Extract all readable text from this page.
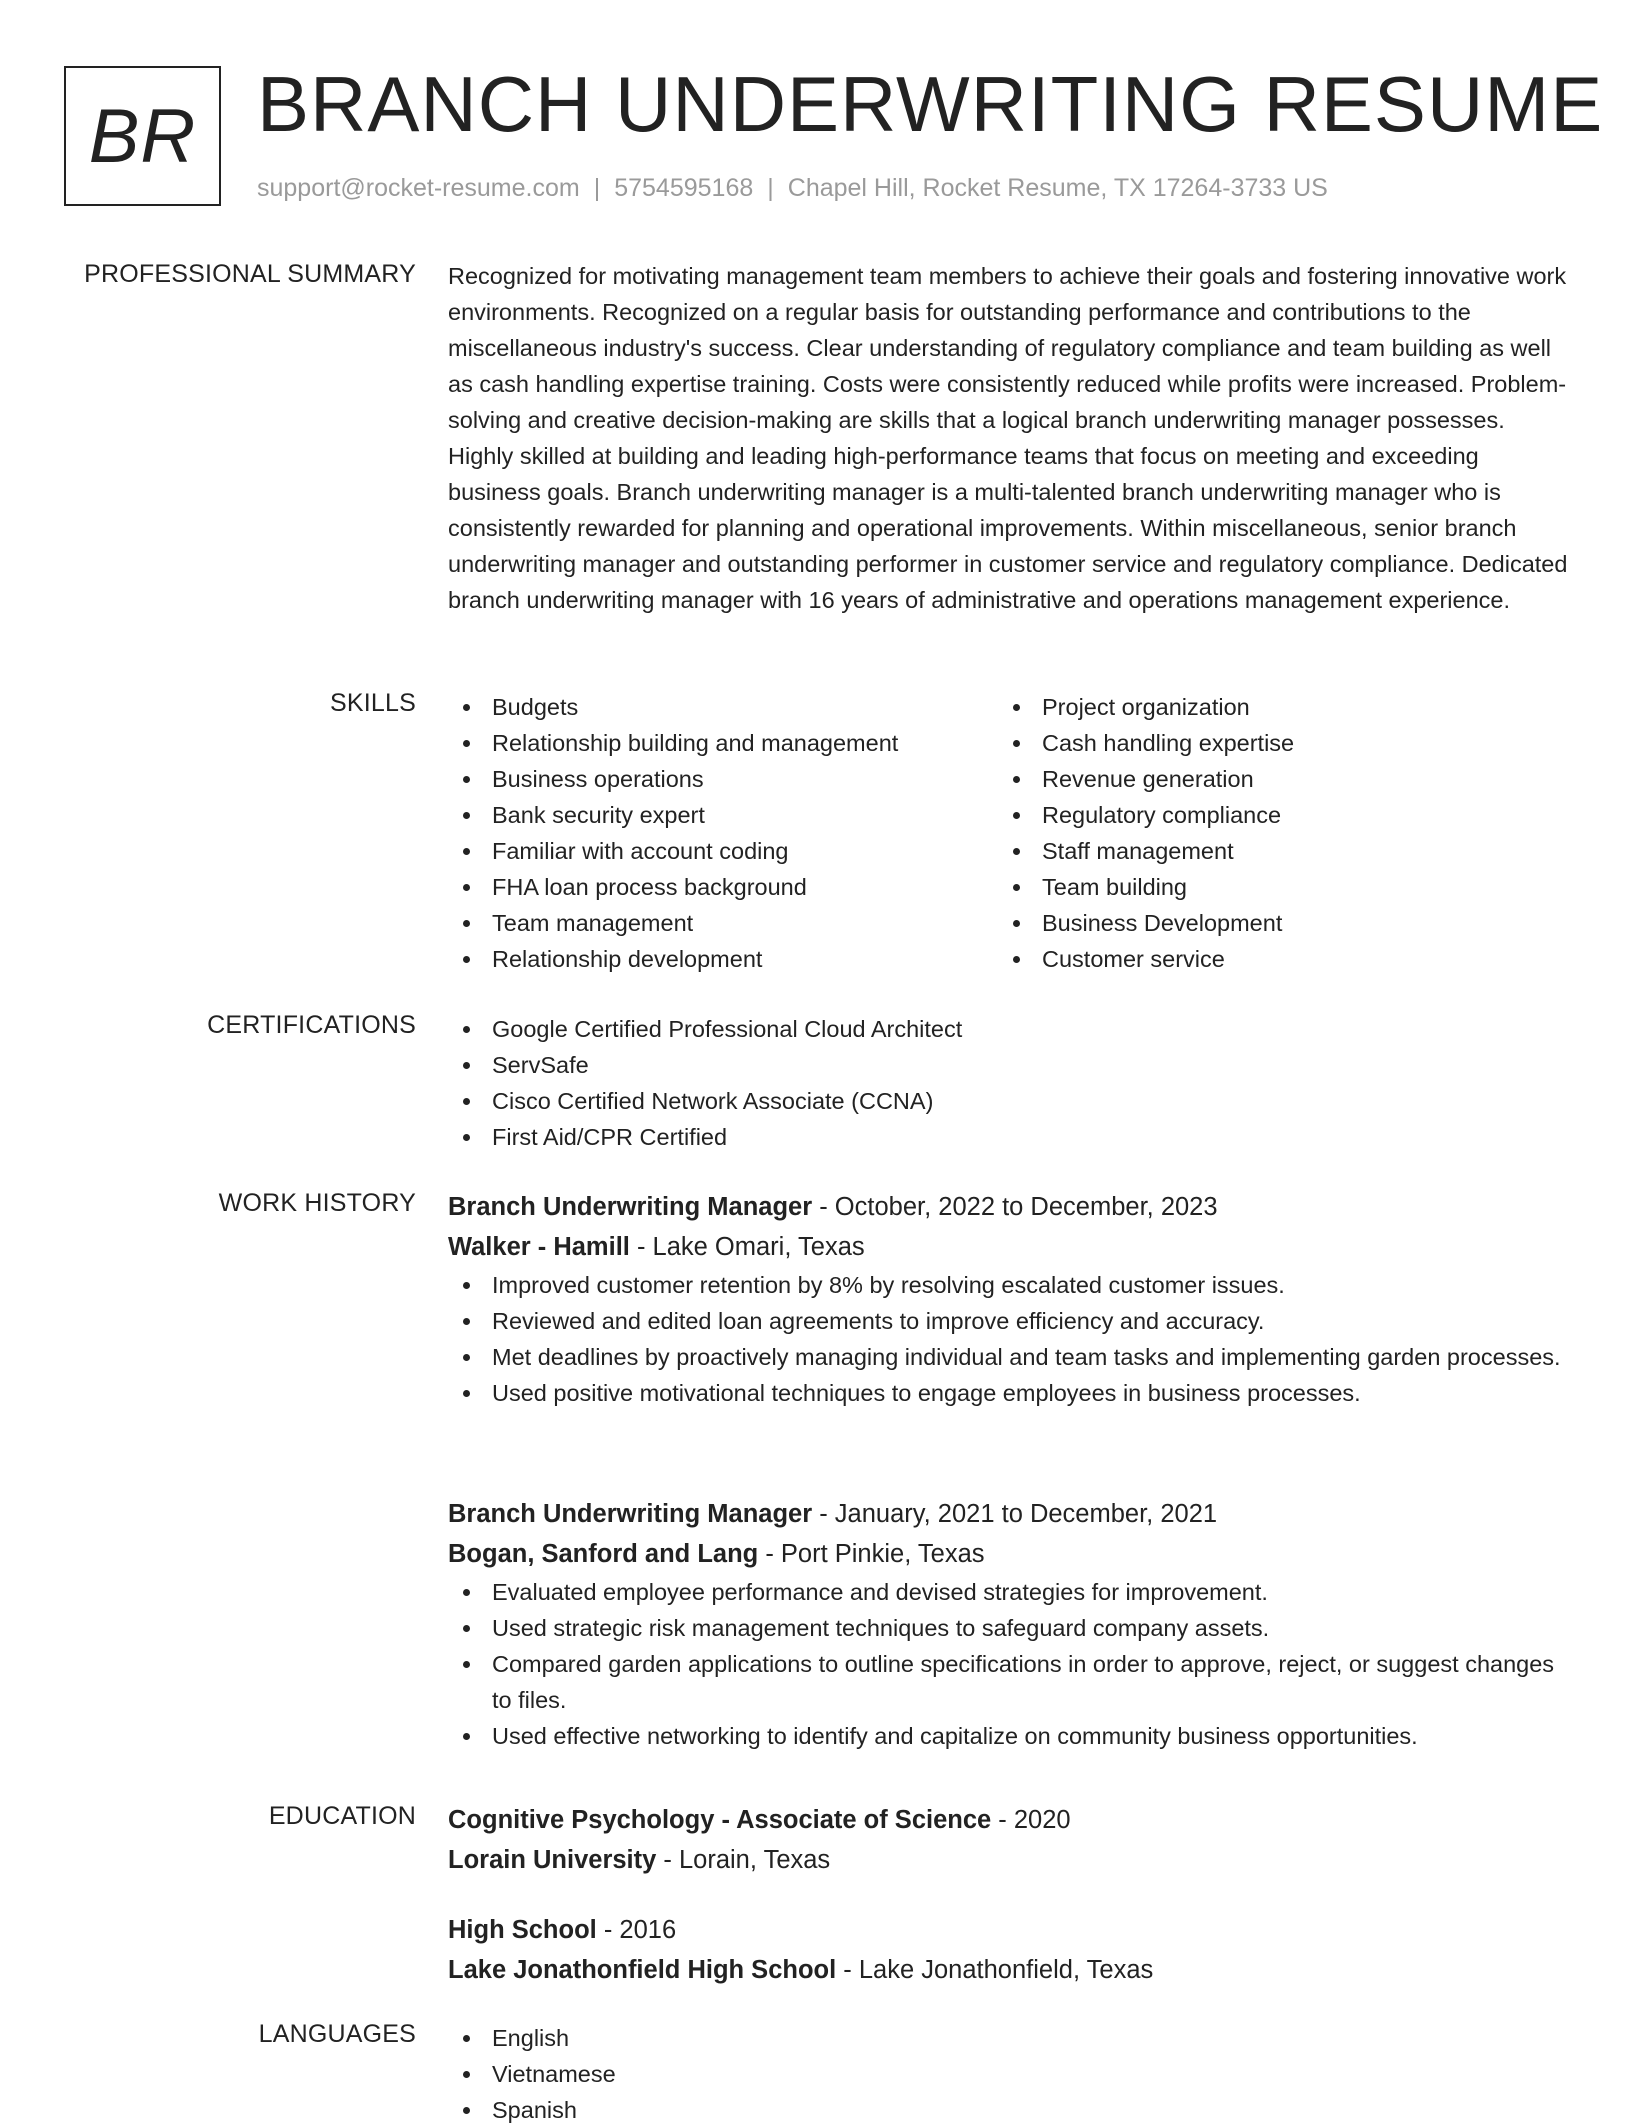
BR BRANCH UNDERWRITING RESUME
support@rocket-resume.com | 5754595168 | Chapel Hill, Rocket Resume, TX 17264-3733 US
PROFESSIONAL SUMMARY Recognized for motivating management team members to achieve their goals and fostering innovative work environments. Recognized on a regular basis for outstanding performance and contributions to the miscellaneous industry's success. Clear understanding of regulatory compliance and team building as well as cash handling expertise training. Costs were consistently reduced while profits were increased. Problem-solving and creative decision-making are skills that a logical branch underwriting manager possesses. Highly skilled at building and leading high-performance teams that focus on meeting and exceeding business goals. Branch underwriting manager is a multi-talented branch underwriting manager who is consistently rewarded for planning and operational improvements. Within miscellaneous, senior branch underwriting manager and outstanding performer in customer service and regulatory compliance. Dedicated branch underwriting manager with 16 years of administrative and operations management experience.

SKILLS	Budgets
Relationship building and management
Business operations
Bank security expert
Familiar with account coding
FHA loan process background
Team management
Relationship development
Project organization
Cash handling expertise
Revenue generation
Regulatory compliance
Staff management
Team building
Business Development
Customer service
CERTIFICATIONS	Google Certified Professional Cloud Architect
ServSafe
Cisco Certified Network Associate (CCNA)
First Aid/CPR Certified
WORK HISTORY Branch Underwriting Manager - October, 2022 to December, 2023
Walker - Hamill - Lake Omari, Texas
Improved customer retention by 8% by resolving escalated customer issues.
Reviewed and edited loan agreements to improve efficiency and accuracy.
Met deadlines by proactively managing individual and team tasks and implementing garden processes.
Used positive motivational techniques to engage employees in business processes.
Branch Underwriting Manager - January, 2021 to December, 2021
Bogan, Sanford and Lang - Port Pinkie, Texas
Evaluated employee performance and devised strategies for improvement.
Used strategic risk management techniques to safeguard company assets.
Compared garden applications to outline specifications in order to approve, reject, or suggest changes to files.
Used effective networking to identify and capitalize on community business opportunities.
EDUCATION Cognitive Psychology - Associate of Science - 2020
Lorain University - Lorain, Texas
High School - 2016
Lake Jonathonfield High School - Lake Jonathonfield, Texas
LANGUAGES	English
Vietnamese
Spanish
